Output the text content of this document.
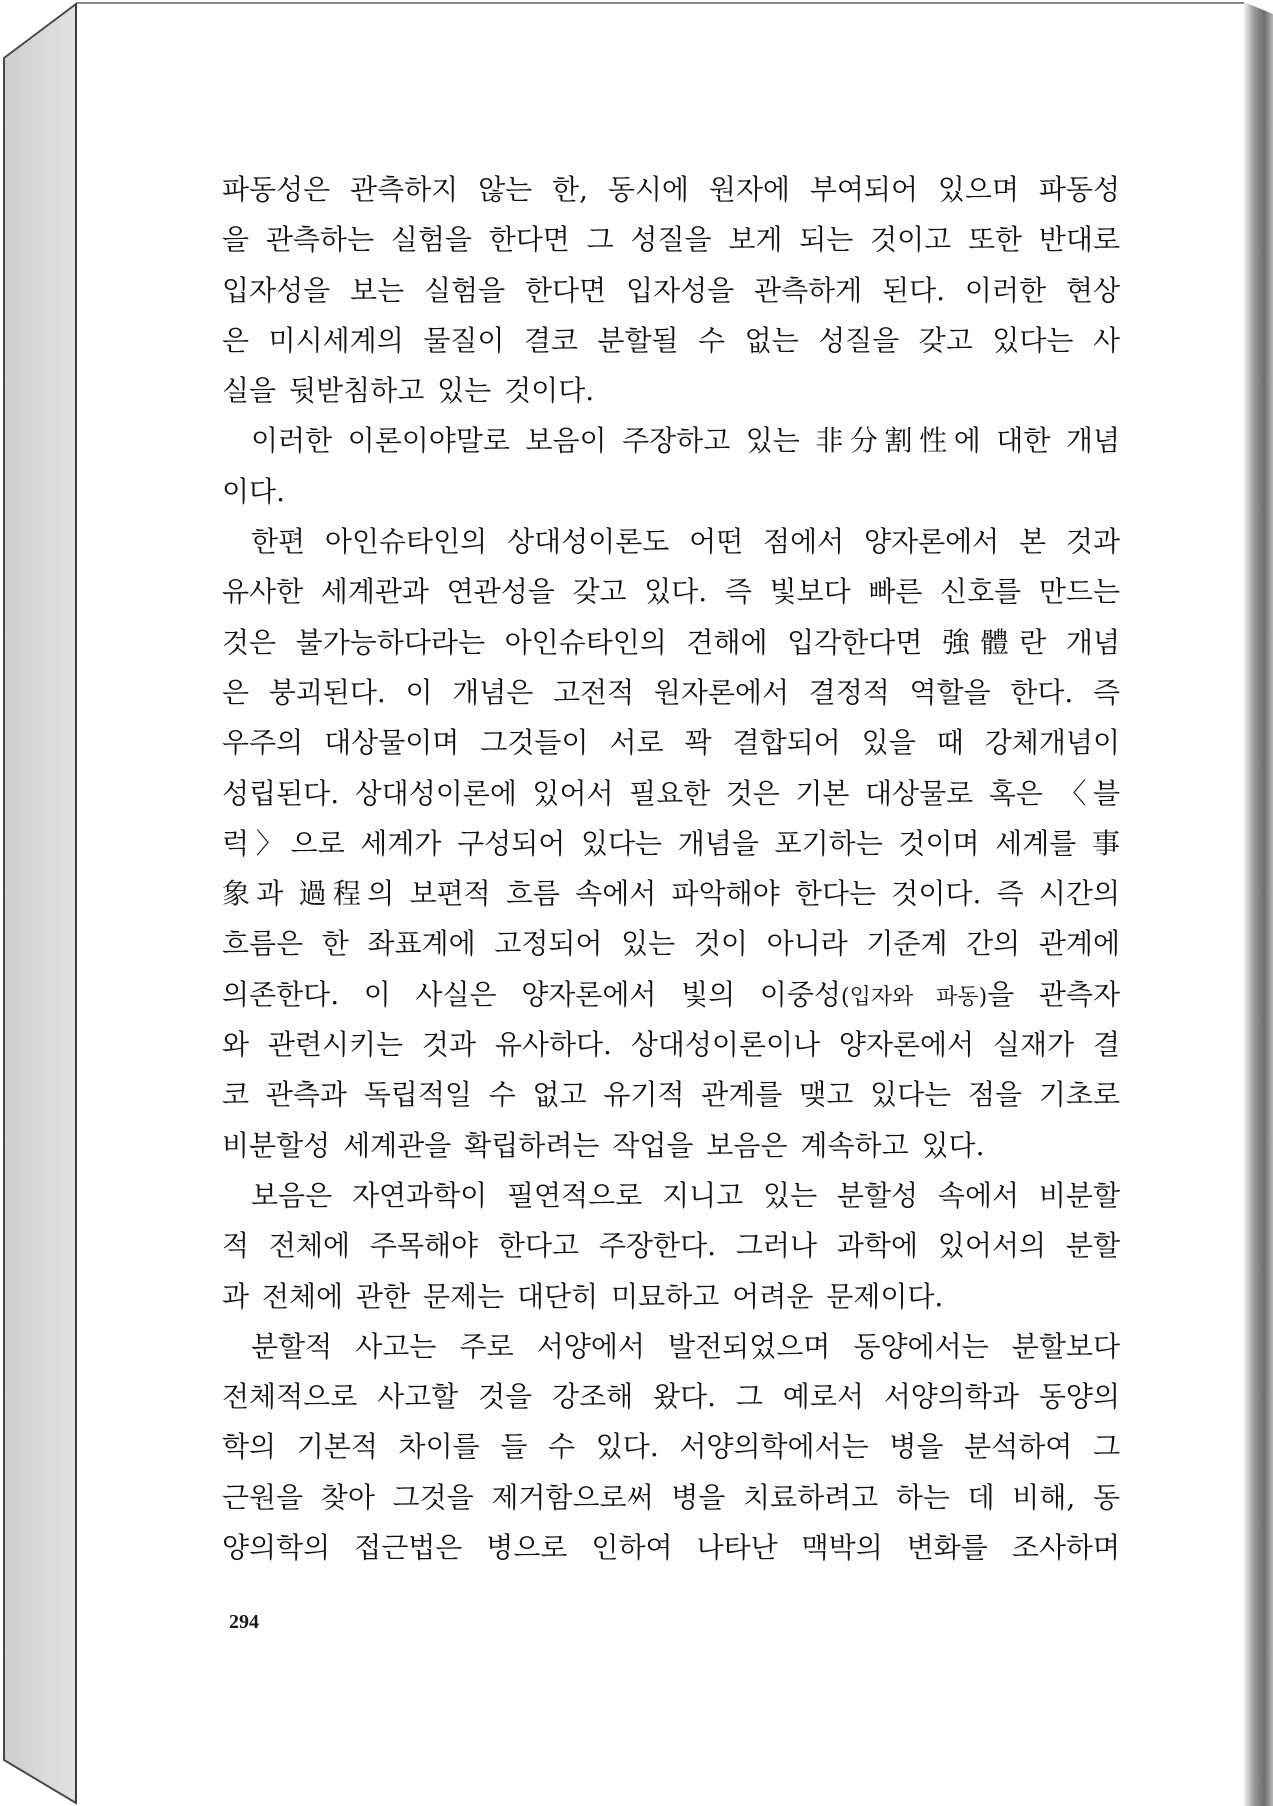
파동성은 관측하지 않는 한, 동시에 원자에 부여되어 있으며 파동성
을 관측하는 실험을 한다면 그 성질을 보게 되는 것이고 또한 반대로
입자성을 보는 실험을 한다면 입자성을 관측하게 된다. 이러한 현상
은 미시세계의 물질이 결코 분할될 수 없는 성질을 갖고 있다는 사
실을 뒷받침하고 있는 것이다.
이러한 이론이야말로 보음이 주장하고 있는 非分割性에 대한 개념
이다.
한편 아인슈타인의 상대성이론도 어떤 점에서 양자론에서 본 것과
유사한 세계관과 연관성을 갖고 있다. 즉 빛보다 빠른 신호를 만드는
것은 불가능하다라는 아인슈타인의 견해에 입각한다면 強體란 개념
은 붕괴된다. 이 개념은 고전적 원자론에서 결정적 역할을 한다. 즉
우주의 대상물이며 그것들이 서로 꽉 결합되어 있을 때 강체개념이
성립된다. 상대성이론에 있어서 필요한 것은 기본 대상물로 혹은 〈블
럭〉으로 세계가 구성되어 있다는 개념을 포기하는 것이며 세계를 事
象과 過程의 보편적 흐름 속에서 파악해야 한다는 것이다. 즉 시간의
흐름은 한 좌표계에 고정되어 있는 것이 아니라 기준계 간의 관계에
의존한다. 이 사실은 양자론에서 빛의 이중성(입자와 파동)을 관측자
와 관련시키는 것과 유사하다. 상대성이론이나 양자론에서 실재가 결
코 관측과 독립적일 수 없고 유기적 관계를 맺고 있다는 점을 기초로
비분할성 세계관을 확립하려는 작업을 보음은 계속하고 있다.
보음은 자연과학이 필연적으로 지니고 있는 분할성 속에서 비분할
적 전체에 주목해야 한다고 주장한다. 그러나 과학에 있어서의 분할
과 전체에 관한 문제는 대단히 미묘하고 어려운 문제이다.
분할적 사고는 주로 서양에서 발전되었으며 동양에서는 분할보다
전체적으로 사고할 것을 강조해 왔다. 그 예로서 서양의학과 동양의
학의 기본적 차이를 들 수 있다. 서양의학에서는 병을 분석하여 그
근원을 찾아 그것을 제거함으로써 병을 치료하려고 하는 데 비해, 동
양의학의 접근법은 병으로 인하여 나타난 맥박의 변화를 조사하며
294
